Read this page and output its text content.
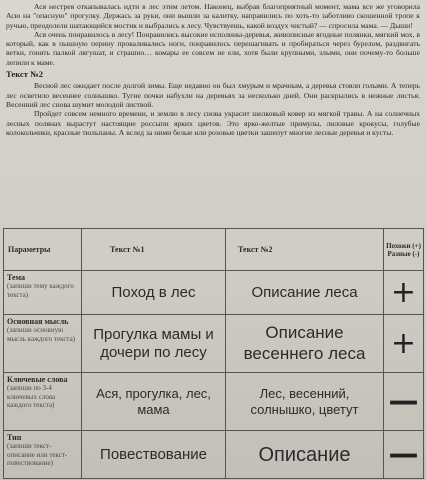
Ася нестрея откапывалась идти в лес этим летом. Наконец, выбрав благоприятный момент, мама все же уговорила Асю на "опасную" прогулку. Держась за руки, они вышли за калитку, направились по хоть-то заботливо скошенной тропе к ручью, преодолели шатающийся мостик и выбрались к лесу. Чувствуешь, какой воздух чистый? — спросила мама. — Дыши!

Ася очень понравилось в лесу! Понравились высокие исполины-деревья, живописные ягодные полянки, мягкий мох, в который, как в пышную перину проваливались ноги, понравилось перешагивать и пробираться через бурелом, раздвигать ветки, гонять палкой лягушат, и страшно… комары ее совсем не ели, хотя были крупными, злыми, они почему-то больше лепили к маме.

Текст №2

Весной лес ожидает после долгой зимы. Еще недавно он был хмурым и мрачным, а деревья стояли голыми. А теперь лес осветило весеннее солнышко. Тугие почки набухли на деревьях за несколько дней. Они раскрылись в нежные листья. Весенний лес снова шумит молодой листвой.

Пройдет совсем немного времени, и землю в лесу снова украсит шелковый ковер из мягкой травы. А на солнечных лесных полянах вырастут настоящие россыпи ярких цветов. Это ярко-желтые примулы, лиловые крокусы, голубые колокольчики, красные тюльпаны. А вслед за ними белые или розовые цветки зашепут многие лесные деревья и кусты.

Параметры	Текст №1	Текст №2	Похожи (+) Разные (-)

Тема
(запиши тему каждого текста)	Поход в лес	Описание леса	+

Основная мысль
(запиши основную мысль каждого текста)	Прогулка мамы и дочери по лесу	Описание весеннего леса	+

Ключевые слова
(запиши по 3-4 ключевых слова каждого текста)	Ася, прогулка, лес, мама	Лес, весенний, солнышко, цветут	—

Тип
(запиши текст-описание или текст-повествование)	Повествование	Описание	—
